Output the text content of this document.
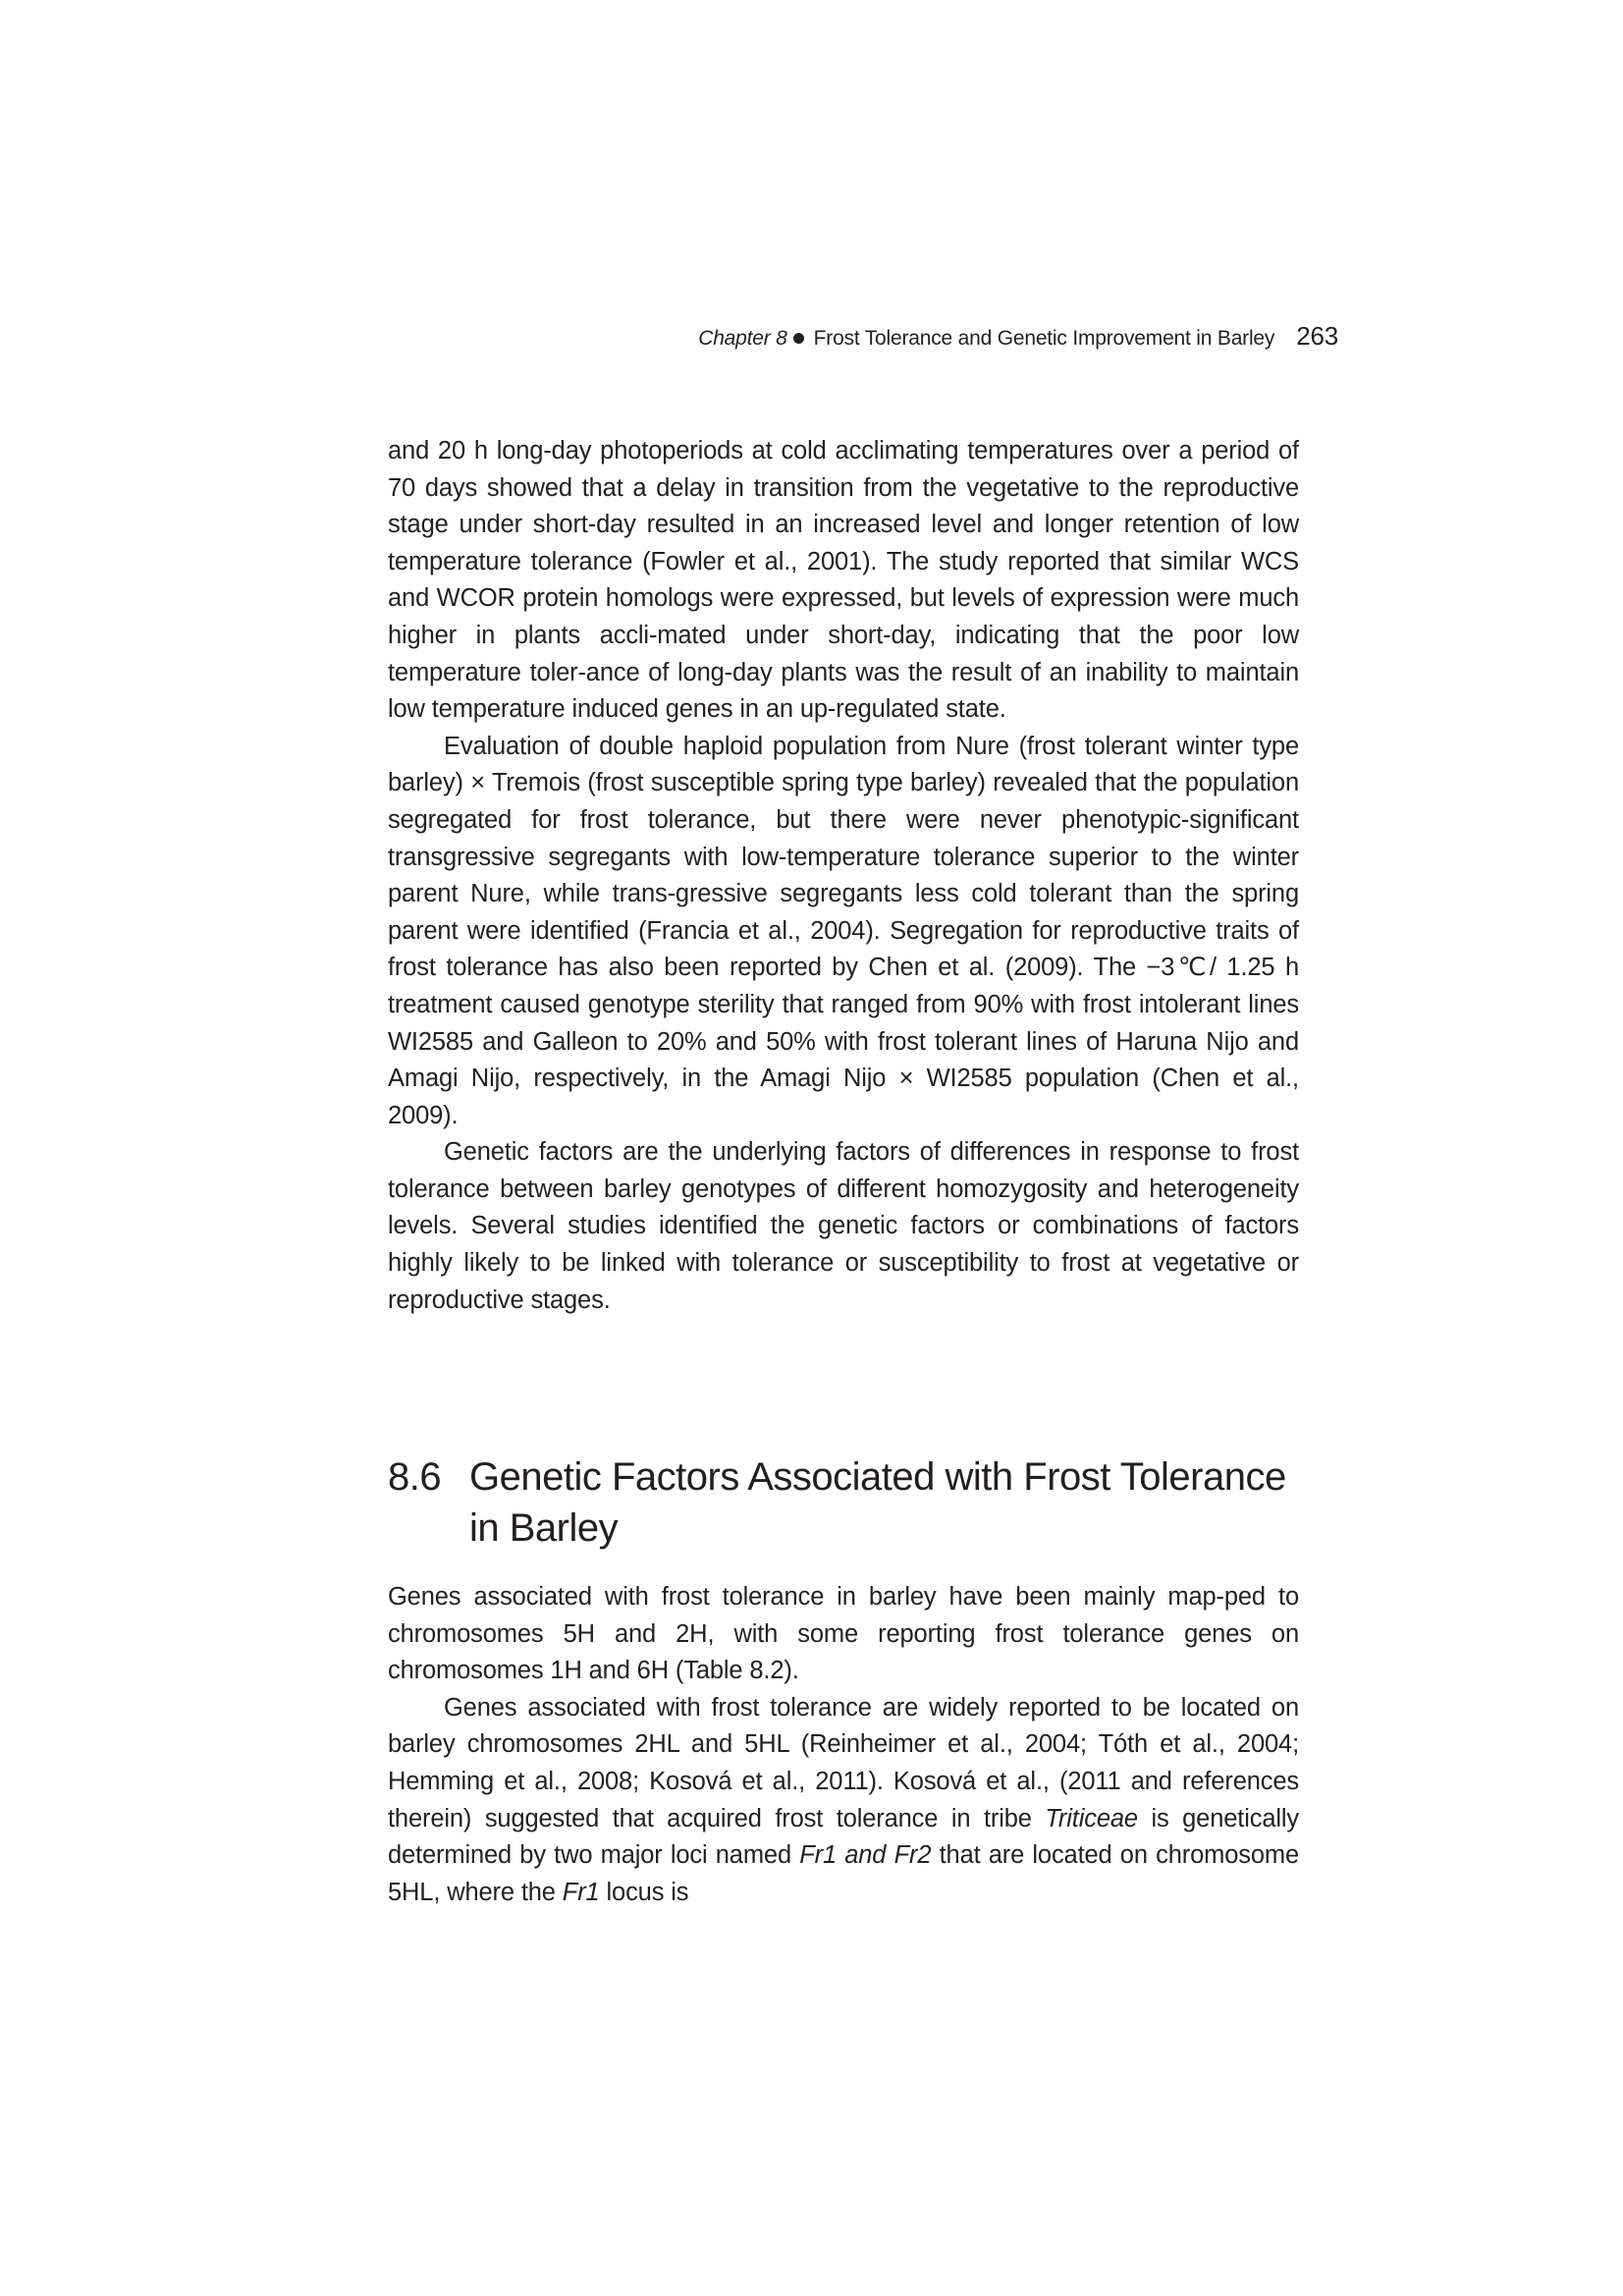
Chapter 8 Frost Tolerance and Genetic Improvement in Barley 263

and 20 h long-day photoperiods at cold acclimating temperatures over a period of 70 days showed that a delay in transition from the vegetative to the reproductive stage under short-day resulted in an increased level and longer retention of low temperature tolerance (Fowler et al., 2001). The study reported that similar WCS and WCOR protein homologs were expressed, but levels of expression were much higher in plants accli-mated under short-day, indicating that the poor low temperature toler-ance of long-day plants was the result of an inability to maintain low temperature induced genes in an up-regulated state.

Evaluation of double haploid population from Nure (frost tolerant winter type barley) × Tremois (frost susceptible spring type barley) revealed that the population segregated for frost tolerance, but there were never phenotypic-significant transgressive segregants with low-temperature tolerance superior to the winter parent Nure, while trans-gressive segregants less cold tolerant than the spring parent were identified (Francia et al., 2004). Segregation for reproductive traits of frost tolerance has also been reported by Chen et al. (2009). The −3℃/ 1.25 h treatment caused genotype sterility that ranged from 90% with frost intolerant lines WI2585 and Galleon to 20% and 50% with frost tolerant lines of Haruna Nijo and Amagi Nijo, respectively, in the Amagi Nijo × WI2585 population (Chen et al., 2009).

Genetic factors are the underlying factors of differences in response to frost tolerance between barley genotypes of different homozygosity and heterogeneity levels. Several studies identified the genetic factors or combinations of factors highly likely to be linked with tolerance or susceptibility to frost at vegetative or reproductive stages.

8.6 Genetic Factors Associated with Frost Tolerance in Barley

Genes associated with frost tolerance in barley have been mainly map-ped to chromosomes 5H and 2H, with some reporting frost tolerance genes on chromosomes 1H and 6H (Table 8.2).

Genes associated with frost tolerance are widely reported to be located on barley chromosomes 2HL and 5HL (Reinheimer et al., 2004; Tóth et al., 2004; Hemming et al., 2008; Kosová et al., 2011). Kosová et al., (2011 and references therein) suggested that acquired frost tolerance in tribe Triticeae is genetically determined by two major loci named Fr1 and Fr2 that are located on chromosome 5HL, where the Fr1 locus is
